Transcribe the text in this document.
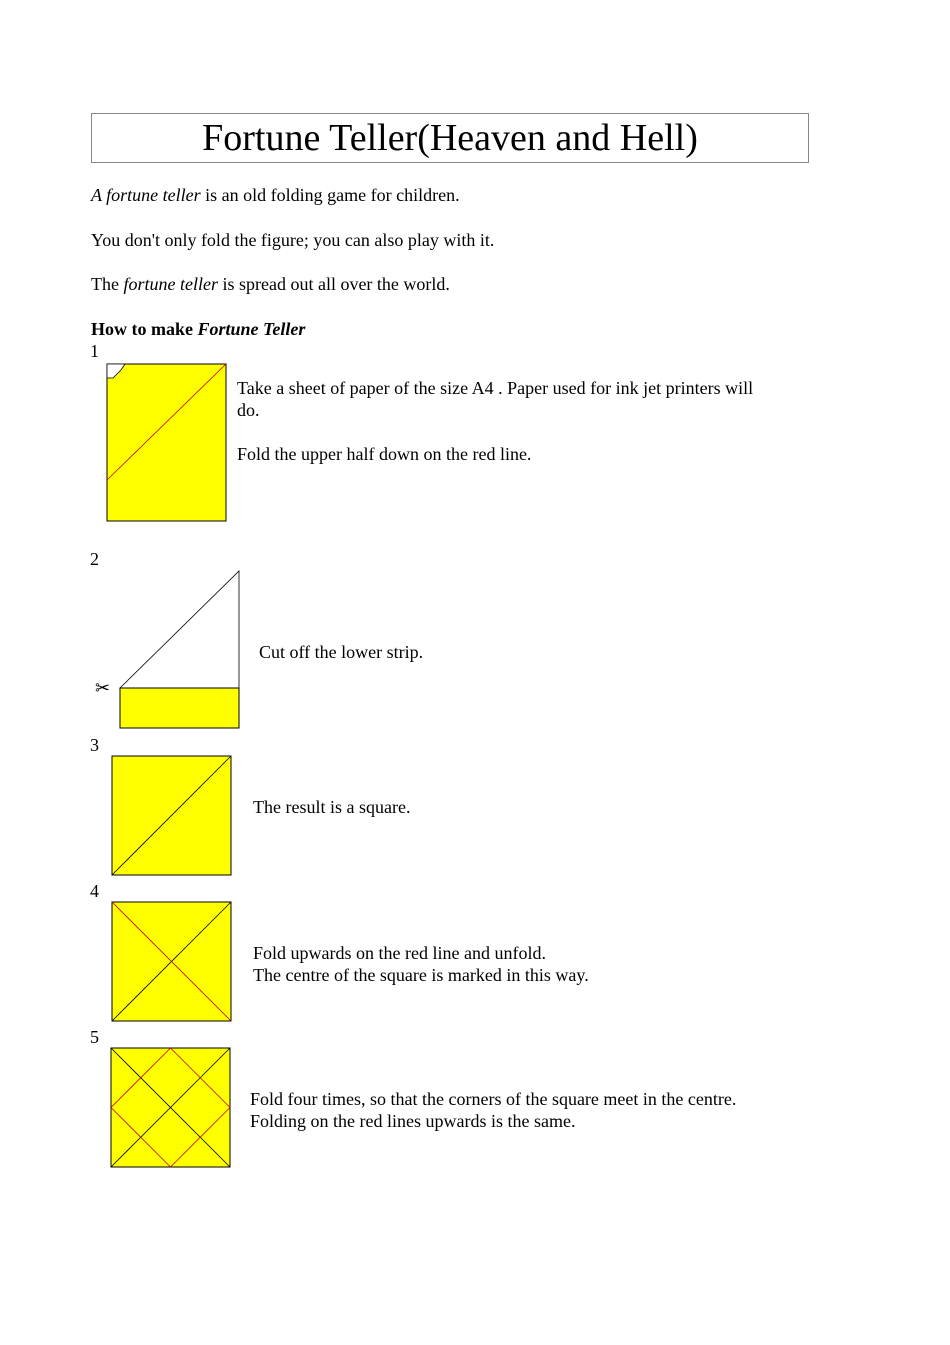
Fortune Teller(Heaven and Hell)
A fortune teller is an old folding game for children.
You don't only fold the figure; you can also play with it.
The fortune teller is spread out all over the world.
How to make Fortune Teller
1
Take a sheet of paper of the size A4 . Paper used for ink jet printers will
do.
Fold the upper half down on the red line.
2
✂
Cut off the lower strip.
3
The result is a square.
4
Fold upwards on the red line and unfold.
The centre of the square is marked in this way.
5
Fold four times, so that the corners of the square meet in the centre.
Folding on the red lines upwards is the same.
